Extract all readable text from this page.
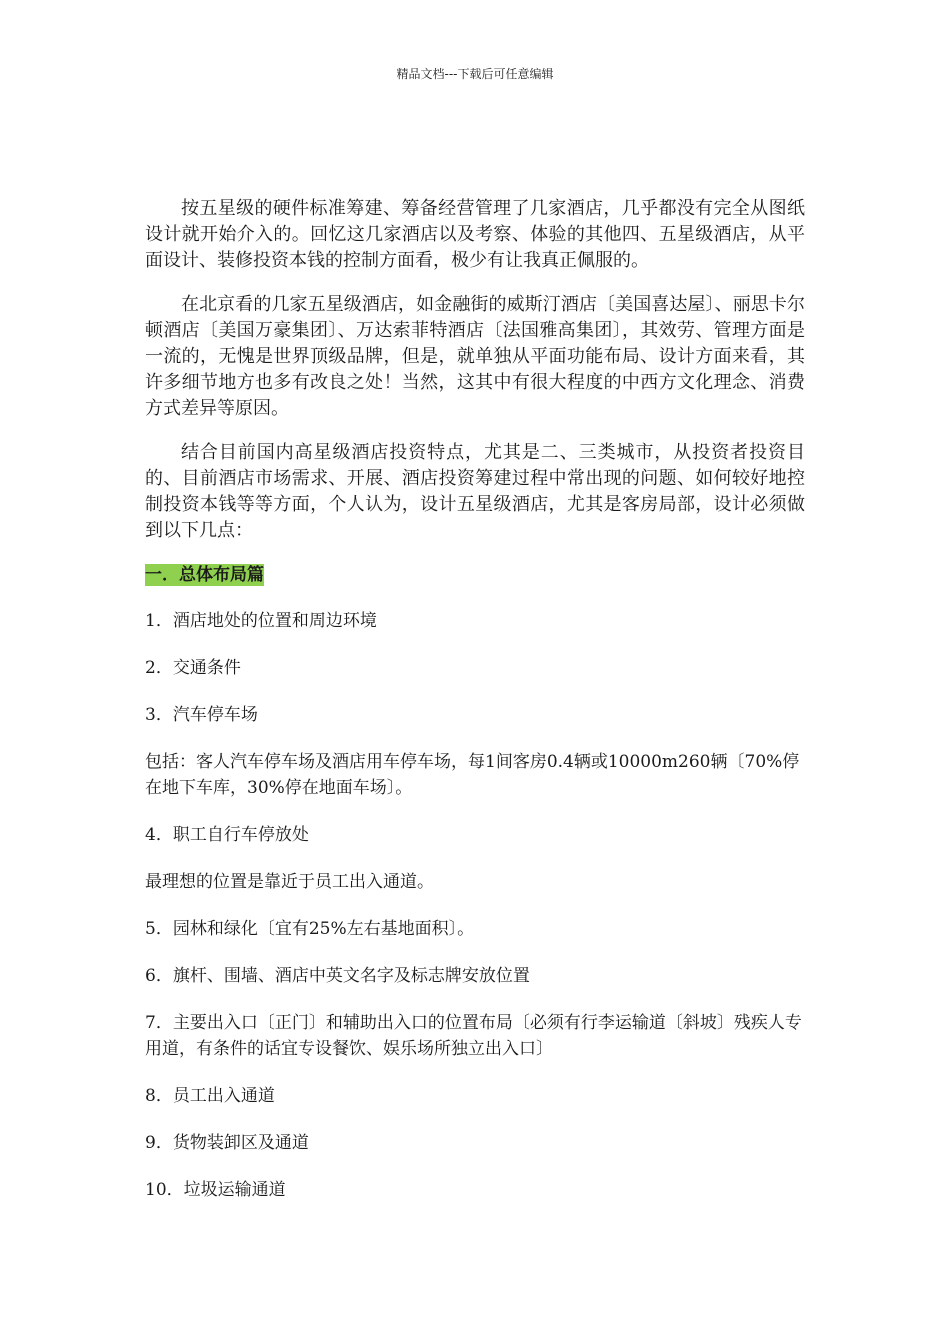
精品文档---下载后可任意编辑

按五星级的硬件标准筹建、筹备经营管理了几家酒店，几乎都没有完全从图纸设计就开始介入的。回忆这几家酒店以及考察、体验的其他四、五星级酒店，从平面设计、装修投资本钱的控制方面看，极少有让我真正佩服的。

在北京看的几家五星级酒店，如金融街的威斯汀酒店〔美国喜达屋〕、丽思卡尔顿酒店〔美国万豪集团〕、万达索菲特酒店〔法国雅高集团〕，其效劳、管理方面是一流的，无愧是世界顶级品牌，但是，就单独从平面功能布局、设计方面来看，其许多细节地方也多有改良之处！当然，这其中有很大程度的中西方文化理念、消费方式差异等原因。

结合目前国内高星级酒店投资特点，尤其是二、三类城市，从投资者投资目的、目前酒店市场需求、开展、酒店投资筹建过程中常出现的问题、如何较好地控制投资本钱等等方面，个人认为，设计五星级酒店，尤其是客房局部，设计必须做到以下几点：

一．总体布局篇
1．酒店地处的位置和周边环境
2．交通条件
3．汽车停车场
包括：客人汽车停车场及酒店用车停车场，每1间客房0.4辆或10000m260辆〔70%停在地下车库，30%停在地面车场〕。
4．职工自行车停放处
最理想的位置是靠近于员工出入通道。
5．园林和绿化〔宜有25%左右基地面积〕。
6．旗杆、围墙、酒店中英文名字及标志牌安放位置
7．主要出入口〔正门〕和辅助出入口的位置布局〔必须有行李运输道〔斜坡〕残疾人专用道，有条件的话宜专设餐饮、娱乐场所独立出入口〕
8．员工出入通道
9．货物装卸区及通道
10．垃圾运输通道
